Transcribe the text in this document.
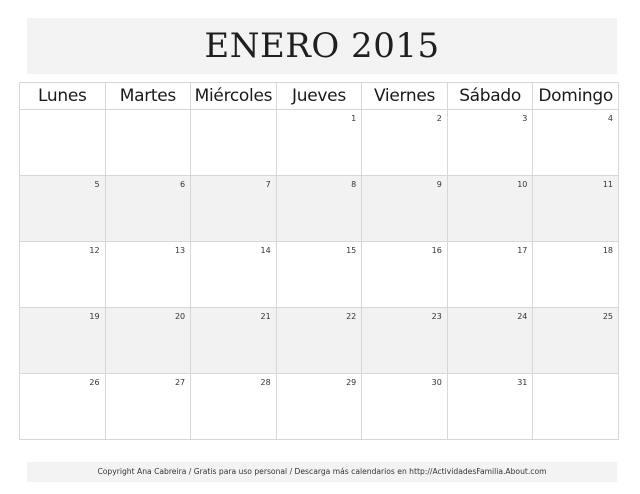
ENERO 2015
Lunes	Martes	Miércoles	Jueves	Viernes	Sábado	Domingo

			1	2	3	4

5	6	7	8	9	10	11

12	13	14	15	16	17	18

19	20	21	22	23	24	25

26	27	28	29	30	31	

Copyright Ana Cabreira / Gratis para uso personal / Descarga más calendarios en http://ActividadesFamilia.About.com
